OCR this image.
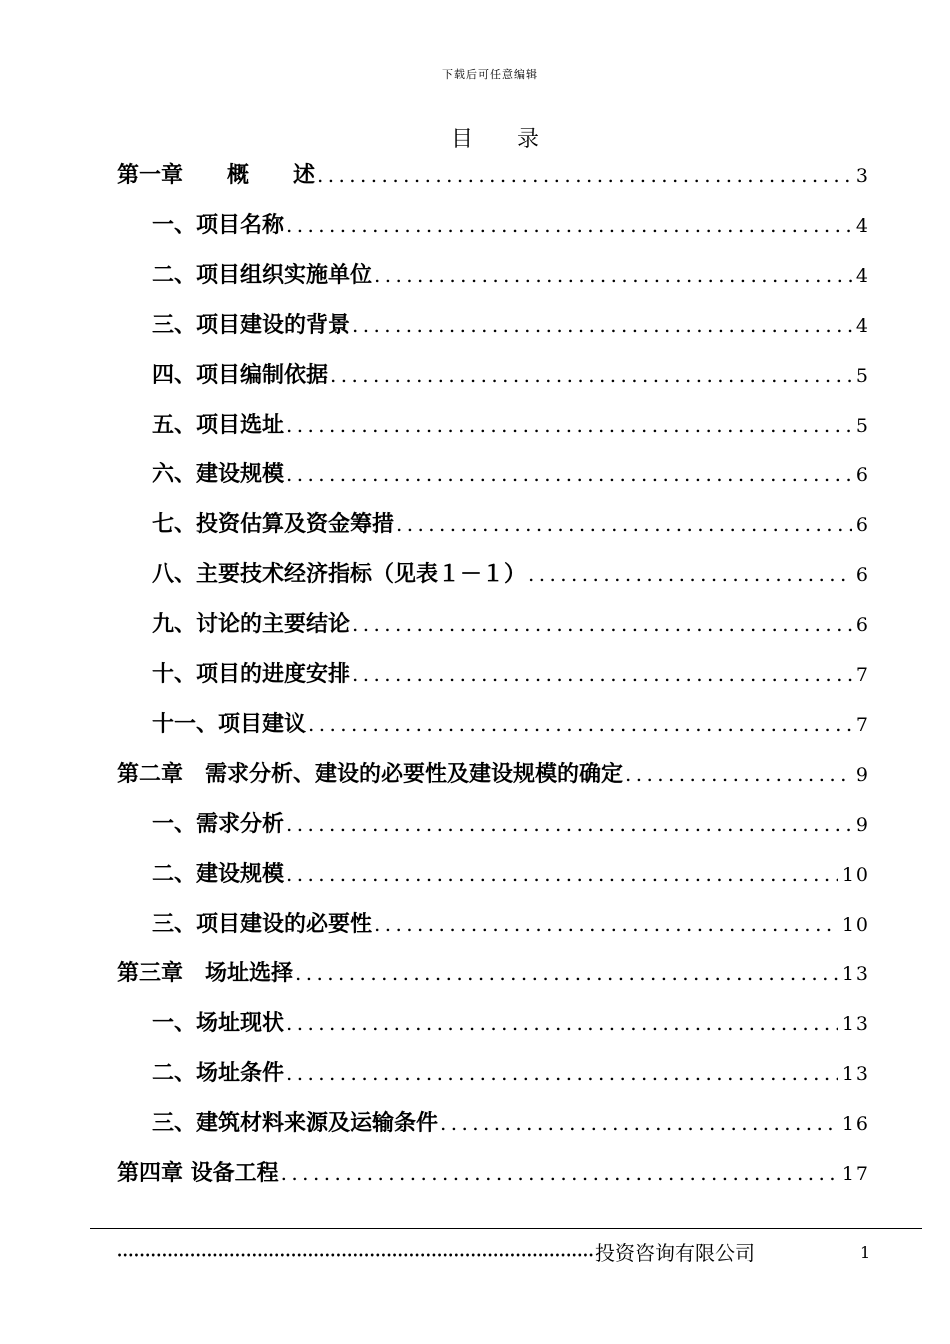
下载后可任意编辑
目　　录
第一章　　概　　述 .....	3
一、项目名称 .....	4
二、项目组织实施单位 .....	4
三、项目建设的背景 .....	4
四、项目编制依据 .....	5
五、项目选址 .....	5
六、建设规模 .....	6
七、投资估算及资金筹措 .....	6
八、主要技术经济指标（见表１－１） .....	6
九、讨论的主要结论 .....	6
十、项目的进度安排 .....	7
十一、项目建议 .....	7
第二章　需求分析、建设的必要性及建设规模的确定 .....	9
一、需求分析 .....	9
二、建设规模 .....	10
三、项目建设的必要性 .....	10
第三章　场址选择 .....	13
一、场址现状 .....	13
二、场址条件 .....	13
三、建筑材料来源及运输条件 .....	16
第四章 设备工程 .....	17
•••••
投资咨询有限公司	1
